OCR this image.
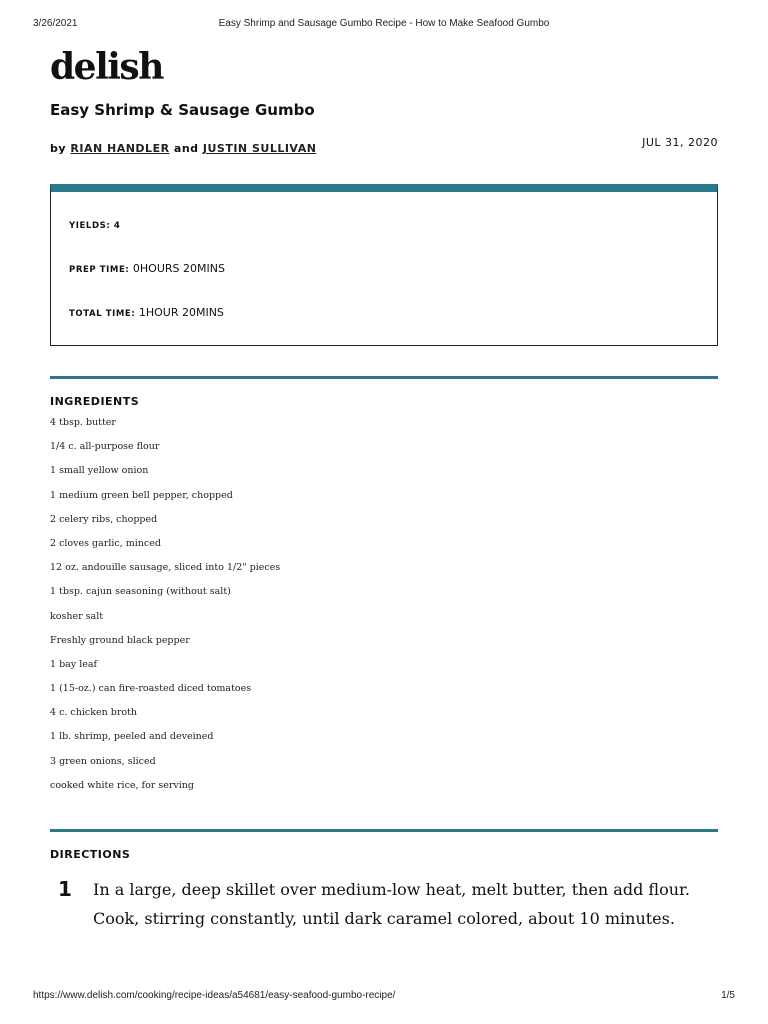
3/26/2021	Easy Shrimp and Sausage Gumbo Recipe - How to Make Seafood Gumbo
delish
Easy Shrimp & Sausage Gumbo
by RIAN HANDLER and JUSTIN SULLIVAN	JUL 31, 2020
YIELDS: 4
PREP TIME: 0HOURS 20MINS
TOTAL TIME: 1HOUR 20MINS
INGREDIENTS
4 tbsp. butter
1/4 c. all-purpose flour
1 small yellow onion
1 medium green bell pepper, chopped
2 celery ribs, chopped
2 cloves garlic, minced
12 oz. andouille sausage, sliced into 1/2" pieces
1 tbsp. cajun seasoning (without salt)
kosher salt
Freshly ground black pepper
1 bay leaf
1 (15-oz.) can fire-roasted diced tomatoes
4 c. chicken broth
1 lb. shrimp, peeled and deveined
3 green onions, sliced
cooked white rice, for serving
DIRECTIONS
1 In a large, deep skillet over medium-low heat, melt butter, then add flour. Cook, stirring constantly, until dark caramel colored, about 10 minutes.
https://www.delish.com/cooking/recipe-ideas/a54681/easy-seafood-gumbo-recipe/	1/5
